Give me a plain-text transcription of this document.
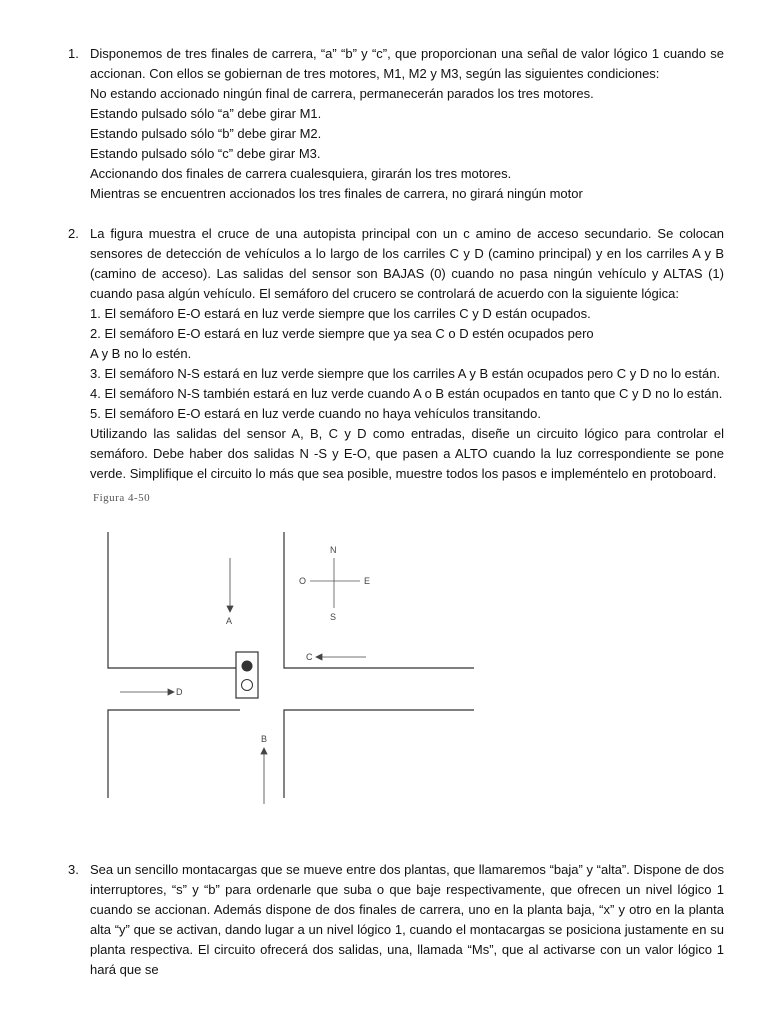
1. Disponemos de tres finales de carrera, “a” “b” y “c”, que proporcionan una señal de valor lógico 1 cuando se accionan. Con ellos se gobiernan de tres motores, M1, M2 y M3, según las siguientes condiciones:
No estando accionado ningún final de carrera, permanecerán parados los tres motores.
Estando pulsado sólo “a” debe girar M1.
Estando pulsado sólo “b” debe girar M2.
Estando pulsado sólo “c” debe girar M3.
Accionando dos finales de carrera cualesquiera, girarán los tres motores.
Mientras se encuentren accionados los tres finales de carrera, no girará ningún motor
2. La figura muestra el cruce de una autopista principal con un c amino de acceso secundario. Se colocan sensores de detección de vehículos a lo largo de los carriles C y D (camino principal) y en los carriles A y B (camino de acceso). Las salidas del sensor son BAJAS (0) cuando no pasa ningún vehículo y ALTAS (1) cuando pasa algún vehículo. El semáforo del crucero se controlará de acuerdo con la siguiente lógica:
1. El semáforo E-O estará en luz verde siempre que los carriles C y D están ocupados.
2. El semáforo E-O estará en luz verde siempre que ya sea C o D estén ocupados pero
A y B no lo estén.
3. El semáforo N-S estará en luz verde siempre que los carriles A y B están ocupados pero C y D no lo están.
4. El semáforo N-S también estará en luz verde cuando A o B están ocupados en tanto que C y D no lo están.
5. El semáforo E-O estará en luz verde cuando no haya vehículos transitando.
Utilizando las salidas del sensor A, B, C y D como entradas, diseñe un circuito lógico para controlar el semáforo. Debe haber dos salidas N -S y E-O, que pasen a ALTO cuando la luz correspondiente se pone verde. Simplifique el circuito lo más que sea posible, muestre todos los pasos e impleméntelo en protoboard.
Figura 4-50
N
S
E
O
A
C
D
B
3. Sea un sencillo montacargas que se mueve entre dos plantas, que llamaremos “baja” y “alta”. Dispone de dos interruptores, “s” y “b” para ordenarle que suba o que baje respectivamente, que ofrecen un nivel lógico 1 cuando se accionan. Además dispone de dos finales de carrera, uno en la planta baja, “x” y otro en la planta alta “y” que se activan, dando lugar a un nivel lógico 1, cuando el montacargas se posiciona justamente en su planta respectiva. El circuito ofrecerá dos salidas, una, llamada “Ms”, que al activarse con un valor lógico 1 hará que se
